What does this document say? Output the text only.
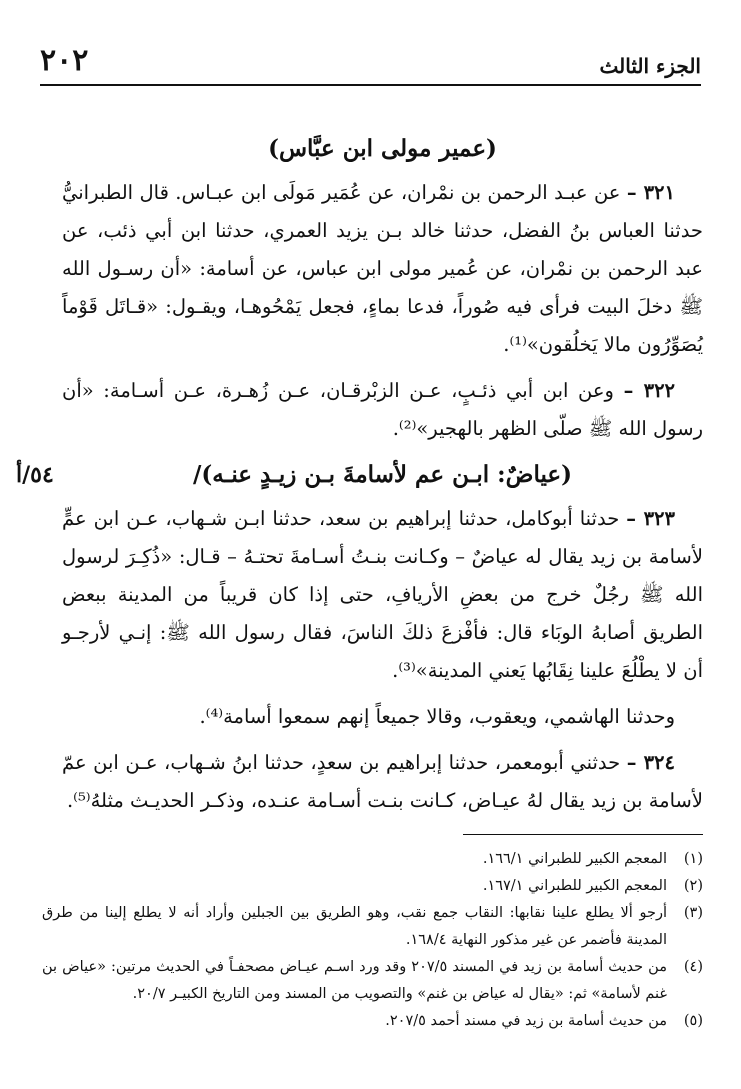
٢٠٢	الجزء الثالث
(عمير مولى ابن عبَّاس)

٣٢١ – عن عبـد الرحمن بن نمْران، عن عُمَير مَولَى ابن عبـاس. قال الطبرانيُّ حدثنا العباس بنُ الفضل، حدثنا خالد بـن يزيد العمري، حدثنا ابن أبي ذئب، عن عبد الرحمن بن نمْران، عن عُمير مولى ابن عباس، عن أسامة: «أن رسـول الله ﷺ دخلَ البيت فرأى فيه صُوراً، فدعا بماءٍ، فجعل يَمْحُوهـا، ويقـول: «قـاتَل قَوْماً يُصَوِّرُون مالا يَخلُقون»⁽¹⁾.

٣٢٢ – وعن ابن أبي ذئـبٍ، عـن الزبْرقـان، عـن زُهـرة، عـن أسـامة: «أن رسول الله ﷺ صلّى الظهر بالهجير»⁽²⁾.

(عياضٌ: ابـن عم لأسامةَ بـن زيـدٍ عنـه)/
٥٤/أ

٣٢٣ – حدثنا أبوكامل، حدثنا إبراهيم بن سعد، حدثنا ابـن شـهاب، عـن ابن عمٍّ لأسامة بن زيد يقال له عياضٌ – وكـانت بنـتُ أسـامةَ تحتـهُ – قـال: «ذُكِـرَ لرسول الله ﷺ رجُلٌ خرج من بعضِ الأريافِ، حتى إذا كان قريباً من المدينة ببعض الطريق أصابهُ الوبَاء قال: فأفْزعَ ذلكَ الناسَ، فقال رسول الله ﷺ: إنـي لأرجـو أن لا يطْلُعَ علينا نِقَابُها يَعني المدينة»⁽³⁾.

وحدثنا الهاشمي، ويعقوب، وقالا جميعاً إنهم سمعوا أسامة⁽⁴⁾.

٣٢٤ – حدثني أبومعمر، حدثنا إبراهيم بن سعدٍ، حدثنا ابنُ شـهاب، عـن ابن عمّ لأسامة بن زيد يقال لهُ عيـاض، كـانت بنـت أسـامة عنـده، وذكـر الحديـث مثلهُ⁽⁵⁾.

(١)
المعجم الكبير للطبراني ١٦٦/١.
(٢)
المعجم الكبير للطبراني ١٦٧/١.
(٣)
أرجو ألا يطلع علينا نقابها: النقاب جمع نقب، وهو الطريق بين الجبلين وأراد أنه لا يطلع إلينا من طرق المدينة فأضمر عن غير مذكور النهاية ١٦٨/٤.
(٤)
من حديث أسامة بن زيد في المسند ٢٠٧/٥ وقد ورد اسـم عيـاض مصحفـاً في الحديث مرتين: «عياض بن غنم لأسامة» ثم: «يقال له عياض بن غنم» والتصويب من المسند ومن التاريخ الكبيـر ٢٠/٧.
(٥)
من حديث أسامة بن زيد في مسند أحمد ٢٠٧/٥.
